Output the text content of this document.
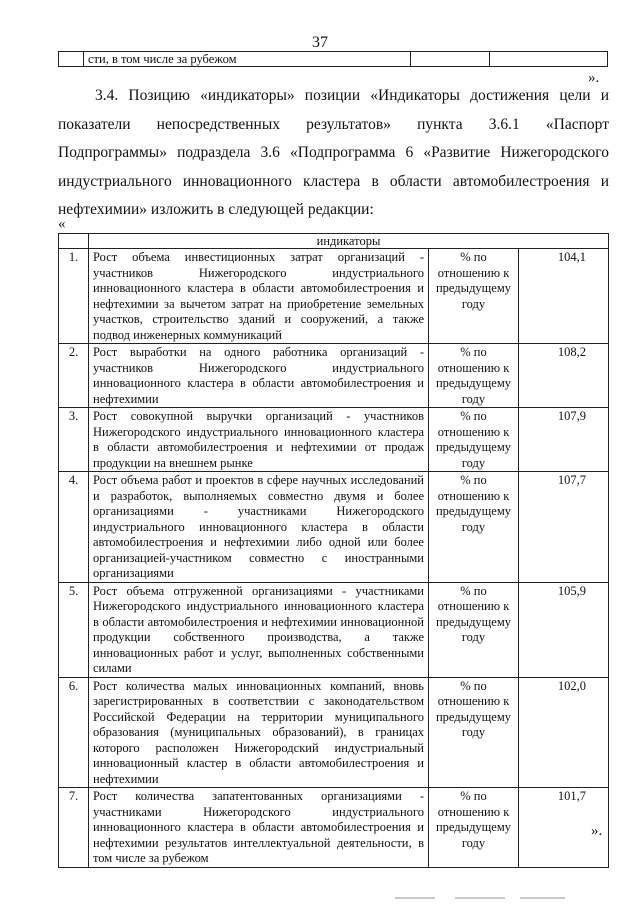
37
	сти, в том числе за рубежом		
».
3.4. Позицию «индикаторы» позиции «Индикаторы достижения цели и показатели непосредственных результатов» пункта 3.6.1 «Паспорт Подпрограммы» подраздела 3.6 «Подпрограмма 6 «Развитие Нижегородского индустриального инновационного кластера в области автомобилестроения и нефтехимии» изложить в следующей редакции:
«
	индикаторы		
1.	Рост объема инвестиционных затрат организаций - участников Нижегородского индустриального инновационного кластера в области автомобилестроения и нефтехимии за вычетом затрат на приобретение земельных участков, строительство зданий и сооружений, а также подвод инженерных коммуникаций	% по отношению к предыдущему году	104,1
2.	Рост выработки на одного работника организаций - участников Нижегородского индустриального инновационного кластера в области автомобилестроения и нефтехимии	% по отношению к предыдущему году	108,2
3.	Рост совокупной выручки организаций - участников Нижегородского индустриального инновационного кластера в области автомобилестроения и нефтехимии от продаж продукции на внешнем рынке	% по отношению к предыдущему году	107,9
4.	Рост объема работ и проектов в сфере научных исследований и разработок, выполняемых совместно двумя и более организациями - участниками Нижегородского индустриального инновационного кластера в области автомобилестроения и нефтехимии либо одной или более организацией-участником совместно с иностранными организациями	% по отношению к предыдущему году	107,7
5.	Рост объема отгруженной организациями - участниками Нижегородского индустриального инновационного кластера в области автомобилестроения и нефтехимии инновационной продукции собственного производства, а также инновационных работ и услуг, выполненных собственными силами	% по отношению к предыдущему году	105,9
6.	Рост количества малых инновационных компаний, вновь зарегистрированных в соответствии с законодательством Российской Федерации на территории муниципального образования (муниципальных образований), в границах которого расположен Нижегородский индустриальный инновационный кластер в области автомобилестроения и нефтехимии	% по отношению к предыдущему году	102,0
7.	Рост количества запатентованных организациями - участниками Нижегородского индустриального инновационного кластера в области автомобилестроения и нефтехимии результатов интеллектуальной деятельности, в том числе за рубежом	% по отношению к предыдущему году	101,7
».
